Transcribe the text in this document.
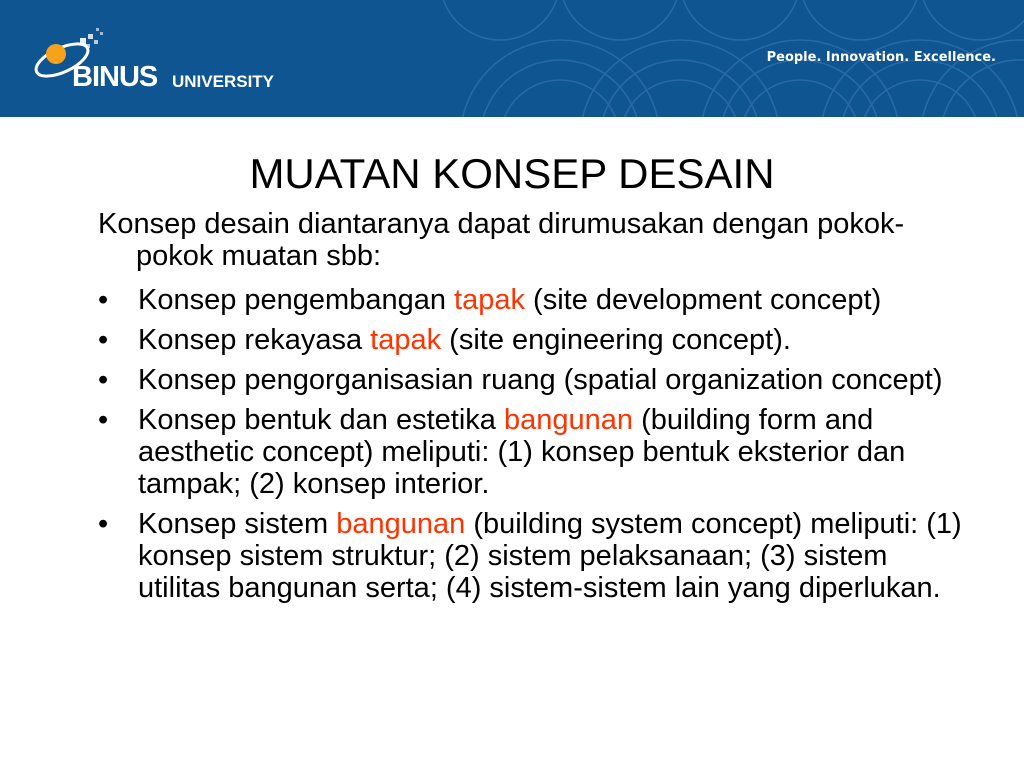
BINUS UNIVERSITY
People. Innovation. Excellence.
MUATAN KONSEP DESAIN
Konsep desain diantaranya dapat dirumusakan dengan pokok-pokok muatan sbb:
• Konsep pengembangan tapak (site development concept)
• Konsep rekayasa tapak (site engineering concept).
• Konsep pengorganisasian ruang (spatial organization concept)
• Konsep bentuk dan estetika bangunan (building form and aesthetic concept) meliputi: (1) konsep bentuk eksterior dan tampak; (2) konsep interior.
• Konsep sistem bangunan (building system concept) meliputi: (1) konsep sistem struktur; (2) sistem pelaksanaan; (3) sistem utilitas bangunan serta; (4) sistem-sistem lain yang diperlukan.
